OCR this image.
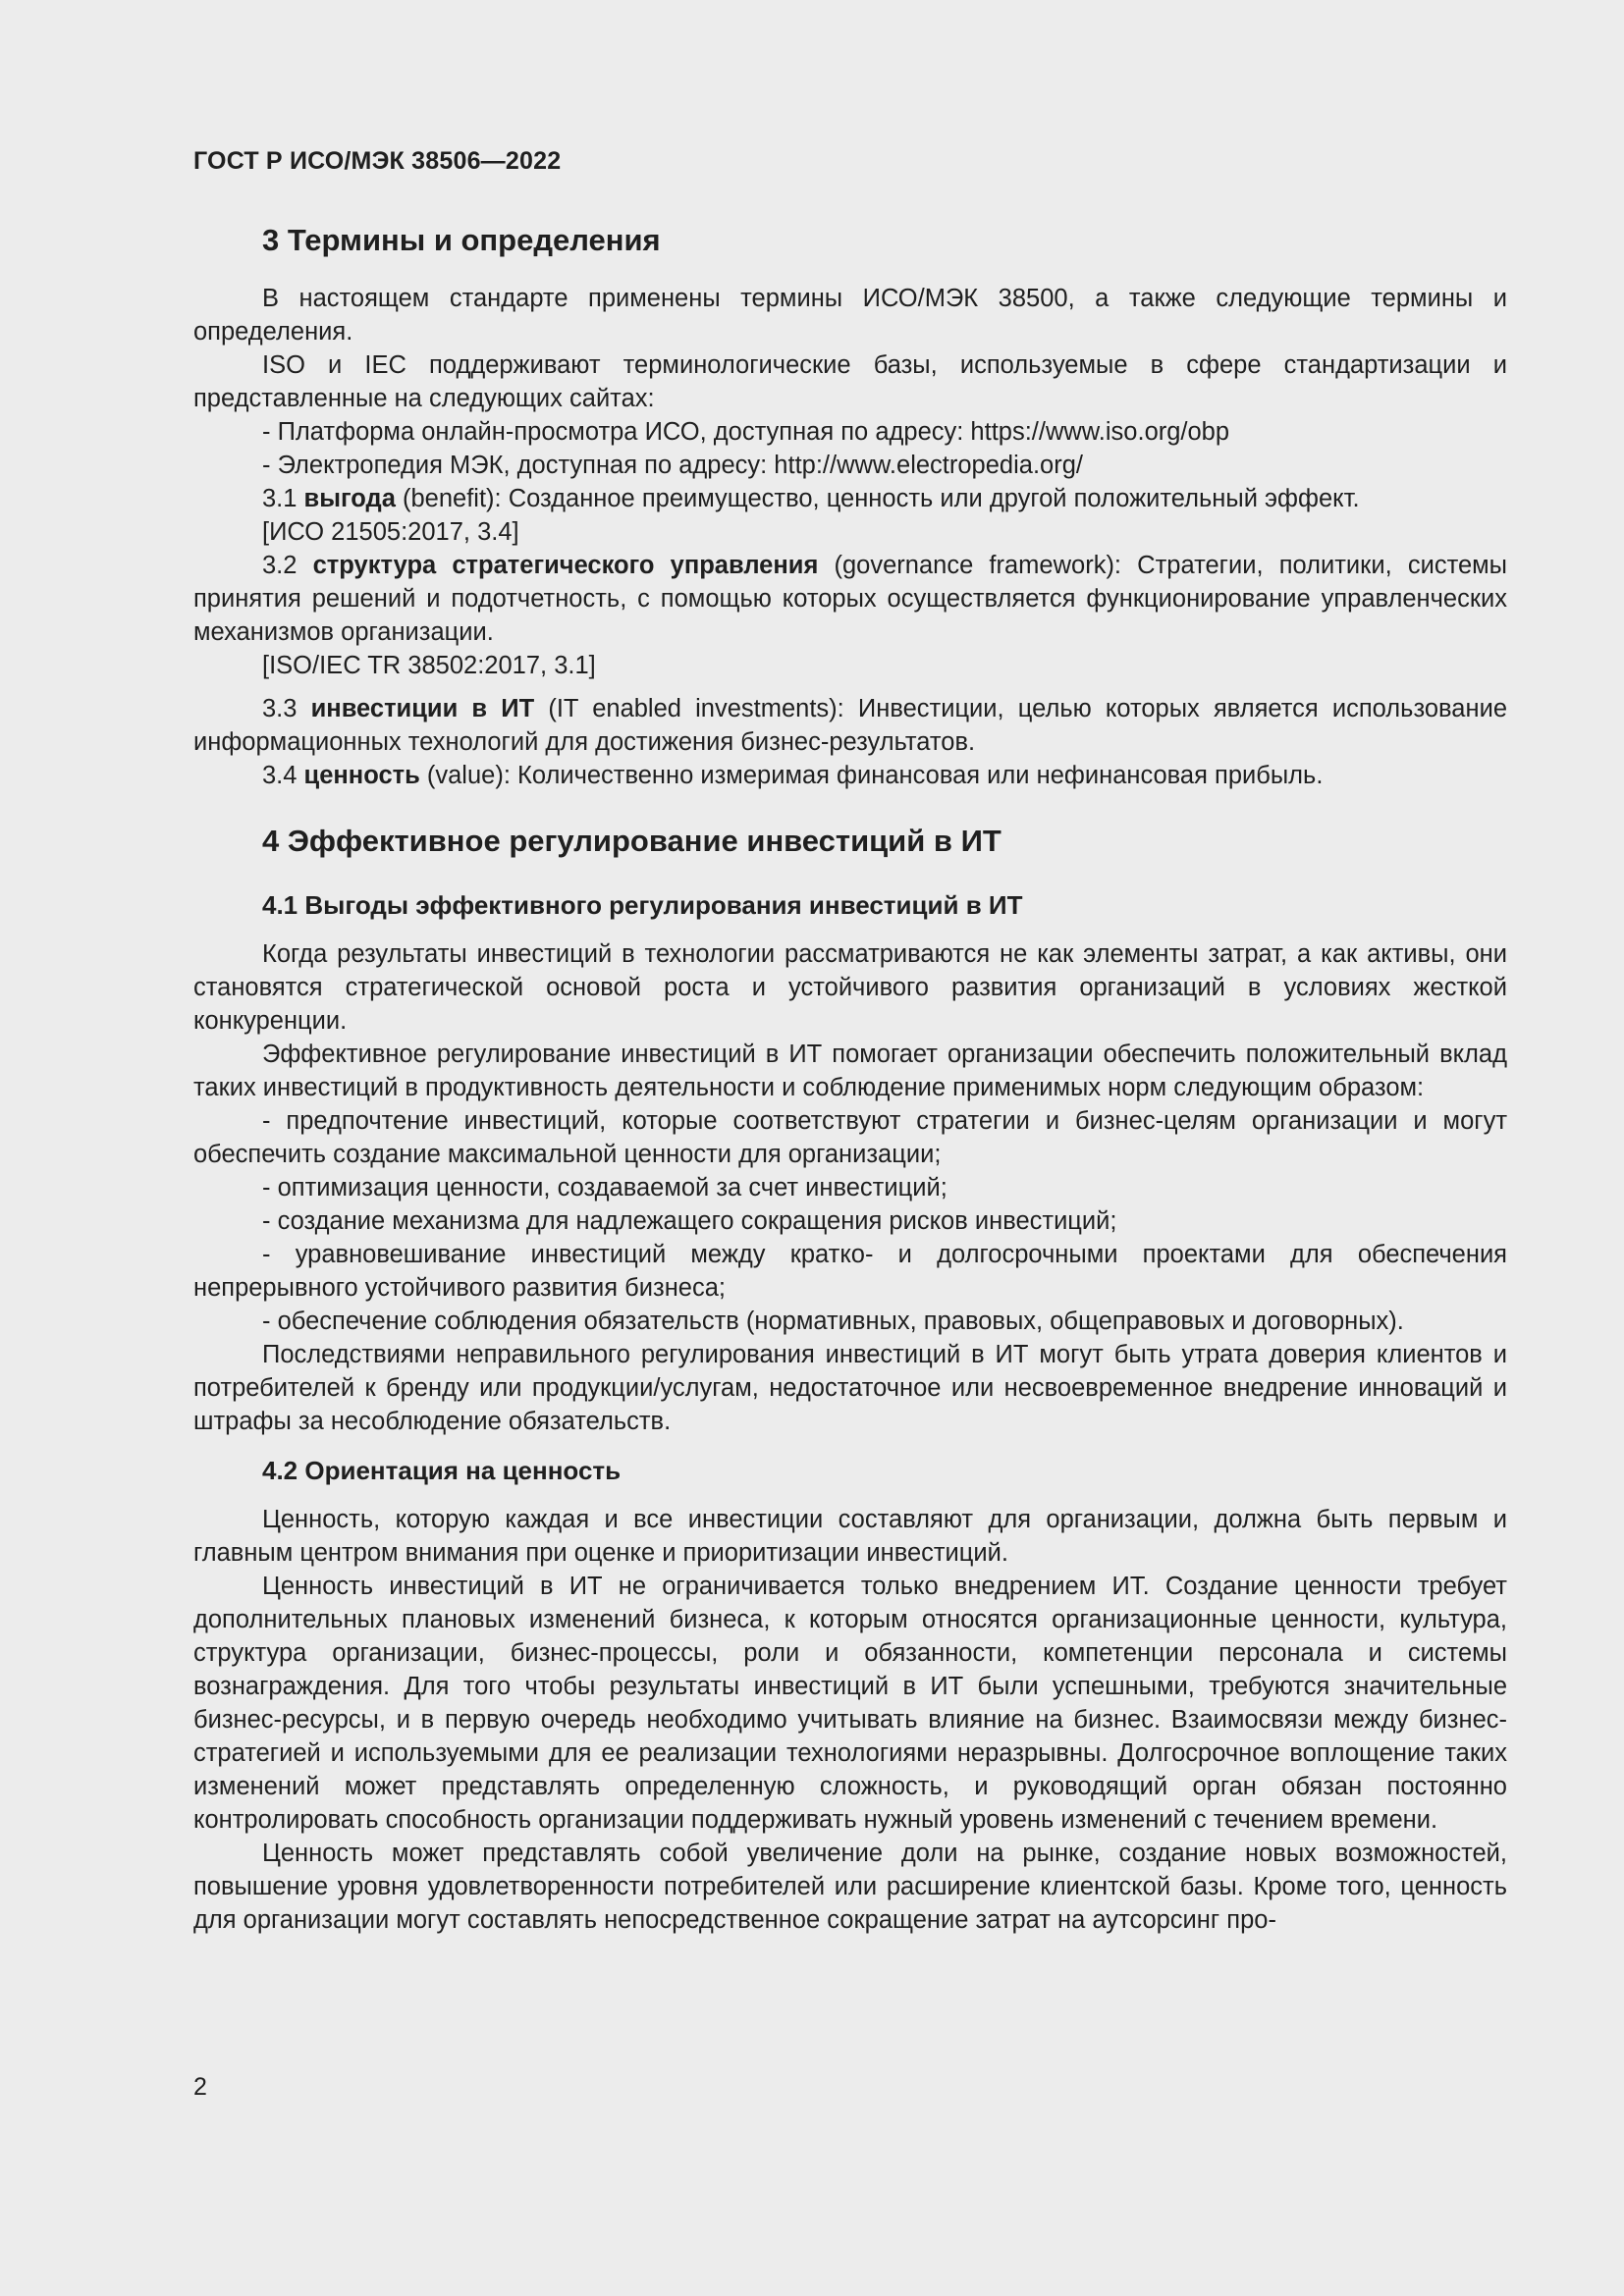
ГОСТ Р ИСО/МЭК 38506—2022
3 Термины и определения

В настоящем стандарте применены термины ИСО/МЭК 38500, а также следующие термины и определения.

ISO и IEC поддерживают терминологические базы, используемые в сфере стандартизации и представленные на следующих сайтах:

- Платформа онлайн-просмотра ИСО, доступная по адресу: https://www.iso.org/obp

- Электропедия МЭК, доступная по адресу: http://www.electropedia.org/

3.1 выгода (benefit): Созданное преимущество, ценность или другой положительный эффект.

[ИСО 21505:2017, 3.4]

3.2 структура стратегического управления (governance framework): Стратегии, политики, системы принятия решений и подотчетность, с помощью которых осуществляется функционирование управленческих механизмов организации.

[ISO/IEC TR 38502:2017, 3.1]

3.3 инвестиции в ИТ (IT enabled investments): Инвестиции, целью которых является использование информационных технологий для достижения бизнес-результатов.

3.4 ценность (value): Количественно измеримая финансовая или нефинансовая прибыль.

4 Эффективное регулирование инвестиций в ИТ
4.1 Выгоды эффективного регулирования инвестиций в ИТ

Когда результаты инвестиций в технологии рассматриваются не как элементы затрат, а как активы, они становятся стратегической основой роста и устойчивого развития организаций в условиях жесткой конкуренции.

Эффективное регулирование инвестиций в ИТ помогает организации обеспечить положительный вклад таких инвестиций в продуктивность деятельности и соблюдение применимых норм следующим образом:

- предпочтение инвестиций, которые соответствуют стратегии и бизнес-целям организации и могут обеспечить создание максимальной ценности для организации;

- оптимизация ценности, создаваемой за счет инвестиций;

- создание механизма для надлежащего сокращения рисков инвестиций;

- уравновешивание инвестиций между кратко- и долгосрочными проектами для обеспечения непрерывного устойчивого развития бизнеса;

- обеспечение соблюдения обязательств (нормативных, правовых, общеправовых и договорных).

Последствиями неправильного регулирования инвестиций в ИТ могут быть утрата доверия клиентов и потребителей к бренду или продукции/услугам, недостаточное или несвоевременное внедрение инноваций и штрафы за несоблюдение обязательств.

4.2 Ориентация на ценность

Ценность, которую каждая и все инвестиции составляют для организации, должна быть первым и главным центром внимания при оценке и приоритизации инвестиций.

Ценность инвестиций в ИТ не ограничивается только внедрением ИТ. Создание ценности требует дополнительных плановых изменений бизнеса, к которым относятся организационные ценности, культура, структура организации, бизнес-процессы, роли и обязанности, компетенции персонала и системы вознаграждения. Для того чтобы результаты инвестиций в ИТ были успешными, требуются значительные бизнес-ресурсы, и в первую очередь необходимо учитывать влияние на бизнес. Взаимосвязи между бизнес-стратегией и используемыми для ее реализации технологиями неразрывны. Долгосрочное воплощение таких изменений может представлять определенную сложность, и руководящий орган обязан постоянно контролировать способность организации поддерживать нужный уровень изменений с течением времени.

Ценность может представлять собой увеличение доли на рынке, создание новых возможностей, повышение уровня удовлетворенности потребителей или расширение клиентской базы. Кроме того, ценность для организации могут составлять непосредственное сокращение затрат на аутсорсинг про-

2
